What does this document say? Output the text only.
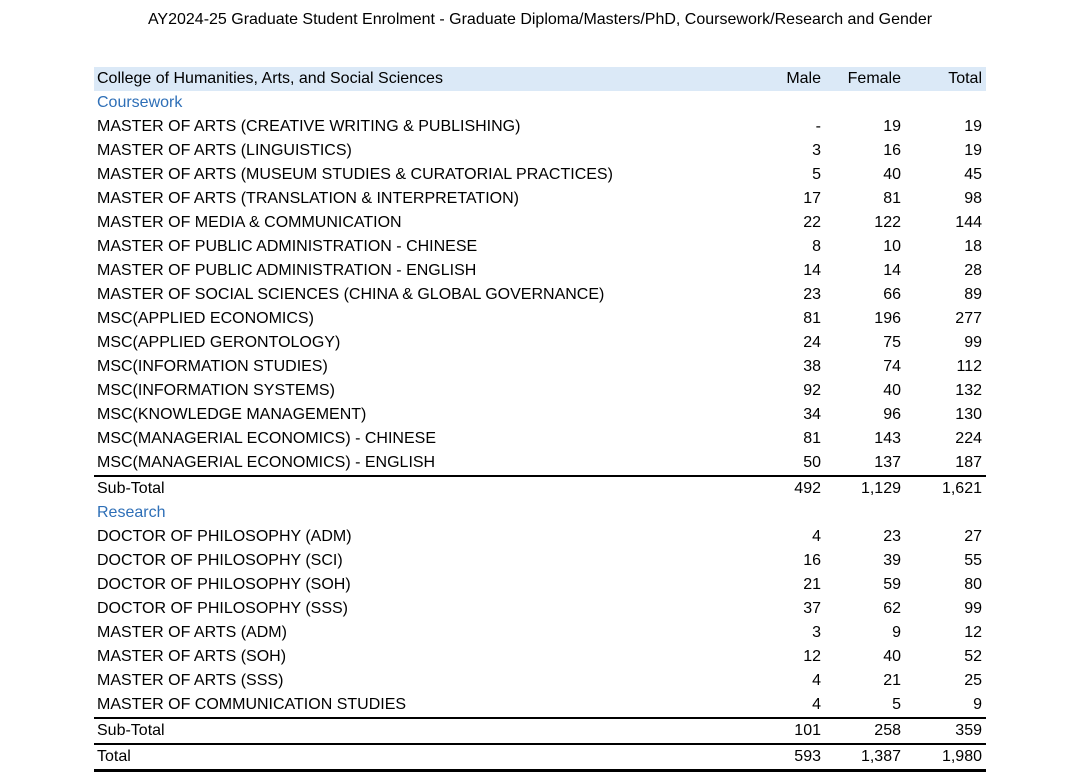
AY2024-25 Graduate Student Enrolment - Graduate Diploma/Masters/PhD, Coursework/Research and Gender
College of Humanities, Arts, and Social Sciences	Male	Female	Total
Coursework			
MASTER OF ARTS (CREATIVE WRITING & PUBLISHING)	-	19	19
MASTER OF ARTS (LINGUISTICS)	3	16	19
MASTER OF ARTS (MUSEUM STUDIES & CURATORIAL PRACTICES)	5	40	45
MASTER OF ARTS (TRANSLATION & INTERPRETATION)	17	81	98
MASTER OF MEDIA & COMMUNICATION	22	122	144
MASTER OF PUBLIC ADMINISTRATION - CHINESE	8	10	18
MASTER OF PUBLIC ADMINISTRATION - ENGLISH	14	14	28
MASTER OF SOCIAL SCIENCES (CHINA & GLOBAL GOVERNANCE)	23	66	89
MSC(APPLIED ECONOMICS)	81	196	277
MSC(APPLIED GERONTOLOGY)	24	75	99
MSC(INFORMATION STUDIES)	38	74	112
MSC(INFORMATION SYSTEMS)	92	40	132
MSC(KNOWLEDGE MANAGEMENT)	34	96	130
MSC(MANAGERIAL ECONOMICS) - CHINESE	81	143	224
MSC(MANAGERIAL ECONOMICS) - ENGLISH	50	137	187
Sub-Total	492	1,129	1,621
Research			
DOCTOR OF PHILOSOPHY (ADM)	4	23	27
DOCTOR OF PHILOSOPHY (SCI)	16	39	55
DOCTOR OF PHILOSOPHY (SOH)	21	59	80
DOCTOR OF PHILOSOPHY (SSS)	37	62	99
MASTER OF ARTS (ADM)	3	9	12
MASTER OF ARTS (SOH)	12	40	52
MASTER OF ARTS (SSS)	4	21	25
MASTER OF COMMUNICATION STUDIES	4	5	9
Sub-Total	101	258	359
Total	593	1,387	1,980
